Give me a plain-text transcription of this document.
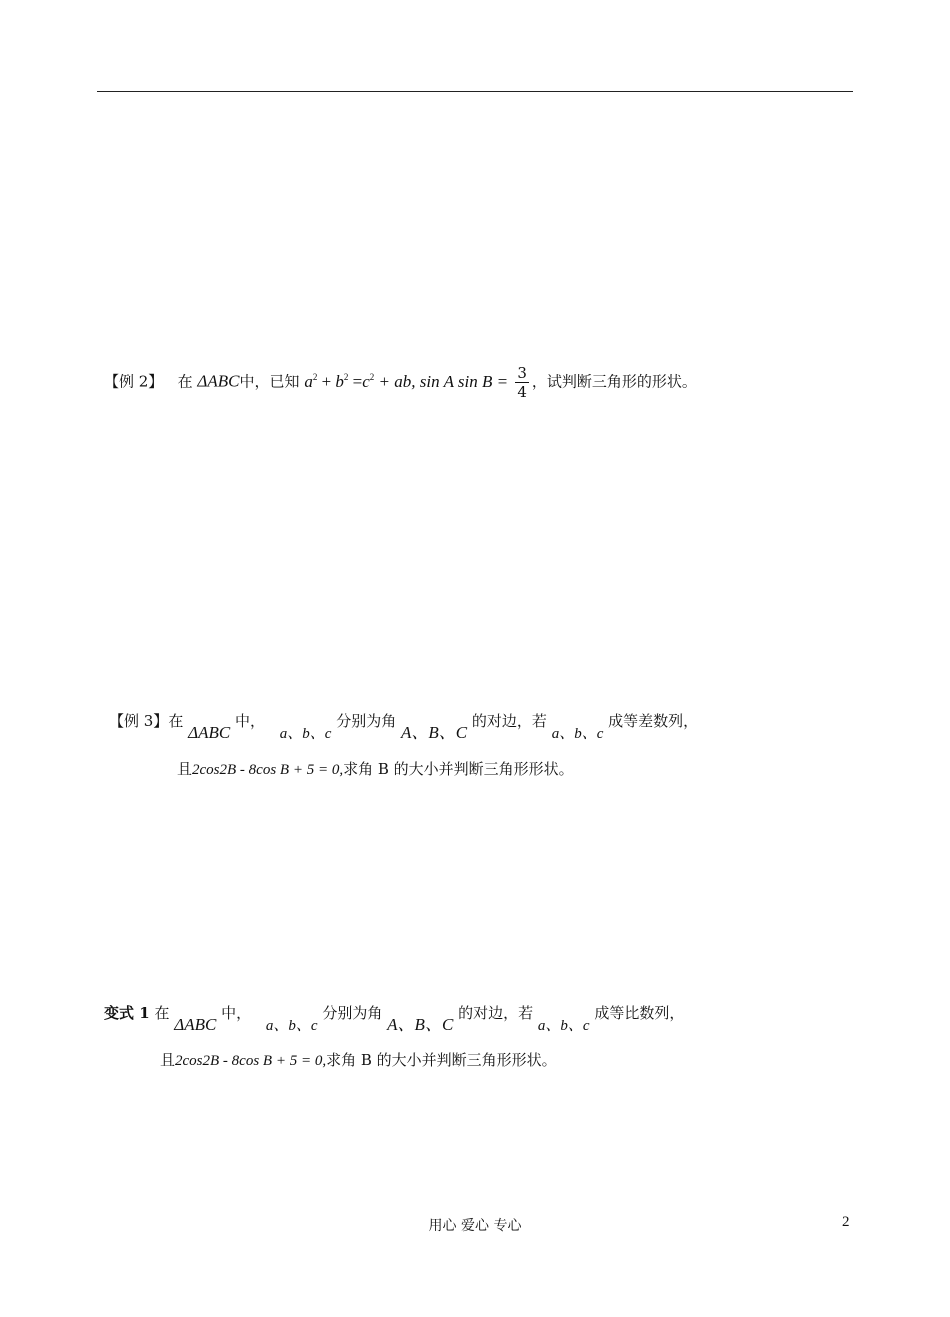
【例 2】 在 ΔABC中，已知 $a^2 + b^2 =c^2$ + ab, sin A $\sin B = \frac{3}{4}$ ，试判断三角形的形状。
【例 3】在 ΔABC 中， a、b、c 分别为角 A、B、C 的对边，若 a、b、c 成等差数列，
且2cos2B - 8cos B + 5 = 0,求角 B 的大小并判断三角形形状。
变式 1 在 ΔABC 中， a、b、c 分别为角 A、B、C 的对边，若 a、b、c 成等比数列，
且2cos2B - 8cos B + 5 = 0,求角 B 的大小并判断三角形形状。
用心 爱心 专心	2
